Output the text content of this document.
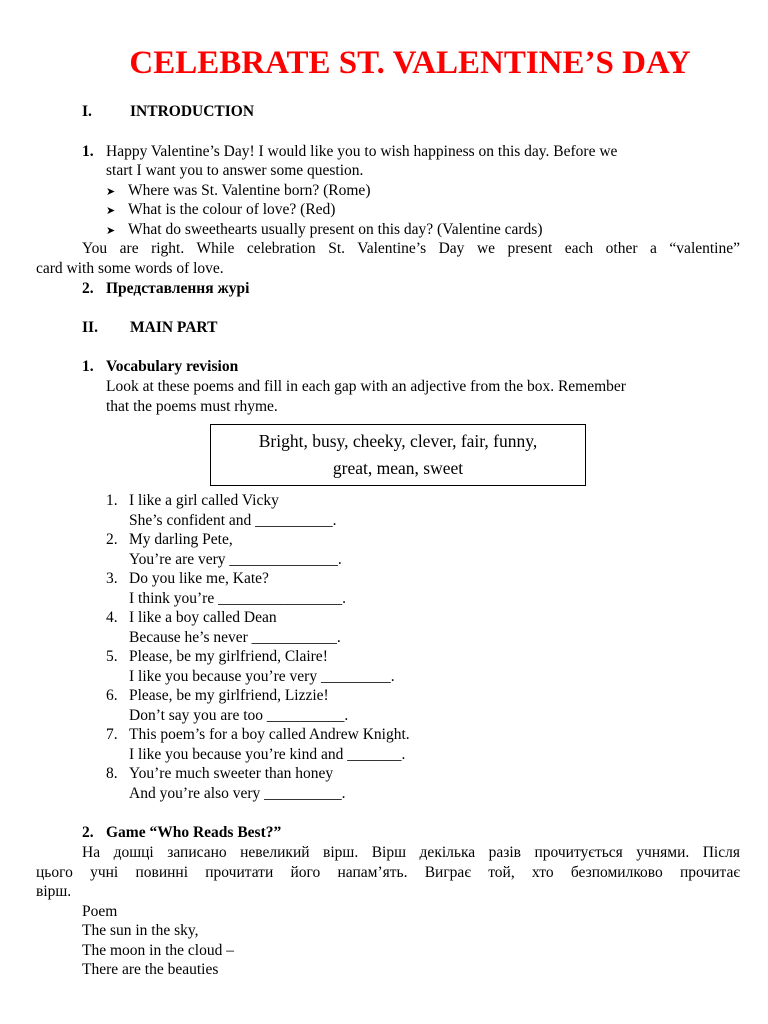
CELEBRATE ST. VALENTINE’S DAY
I. INTRODUCTION
1. Happy Valentine’s Day! I would like you to wish happiness on this day. Before we
start I want you to answer some question.
➤ Where was St. Valentine born? (Rome)
➤ What is the colour of love? (Red)
➤ What do sweethearts usually present on this day? (Valentine cards)
You are right. While celebration St. Valentine’s Day we present each other a “valentine”
card with some words of love.
2. Представлення журі
II. MAIN PART
1. Vocabulary revision
Look at these poems and fill in each gap with an adjective from the box. Remember
that the poems must rhyme.
Bright, busy, cheeky, clever, fair, funny,
great, mean, sweet
1. I like a girl called Vicky
She’s confident and __________.
2. My darling Pete,
You’re are very ______________.
3. Do you like me, Kate?
I think you’re ________________.
4. I like a boy called Dean
Because he’s never ___________.
5. Please, be my girlfriend, Claire!
I like you because you’re very _________.
6. Please, be my girlfriend, Lizzie!
Don’t say you are too __________.
7. This poem’s for a boy called Andrew Knight.
I like you because you’re kind and _______.
8. You’re much sweeter than honey
And you’re also very __________.
2. Game “Who Reads Best?”
На дошці записано невеликий вірш. Вірш декілька разів прочитується учнями. Після
цього учні повинні прочитати його напам’ять. Виграє той, хто безпомилково прочитає
вірш.
Poem
The sun in the sky,
The moon in the cloud –
There are the beauties
